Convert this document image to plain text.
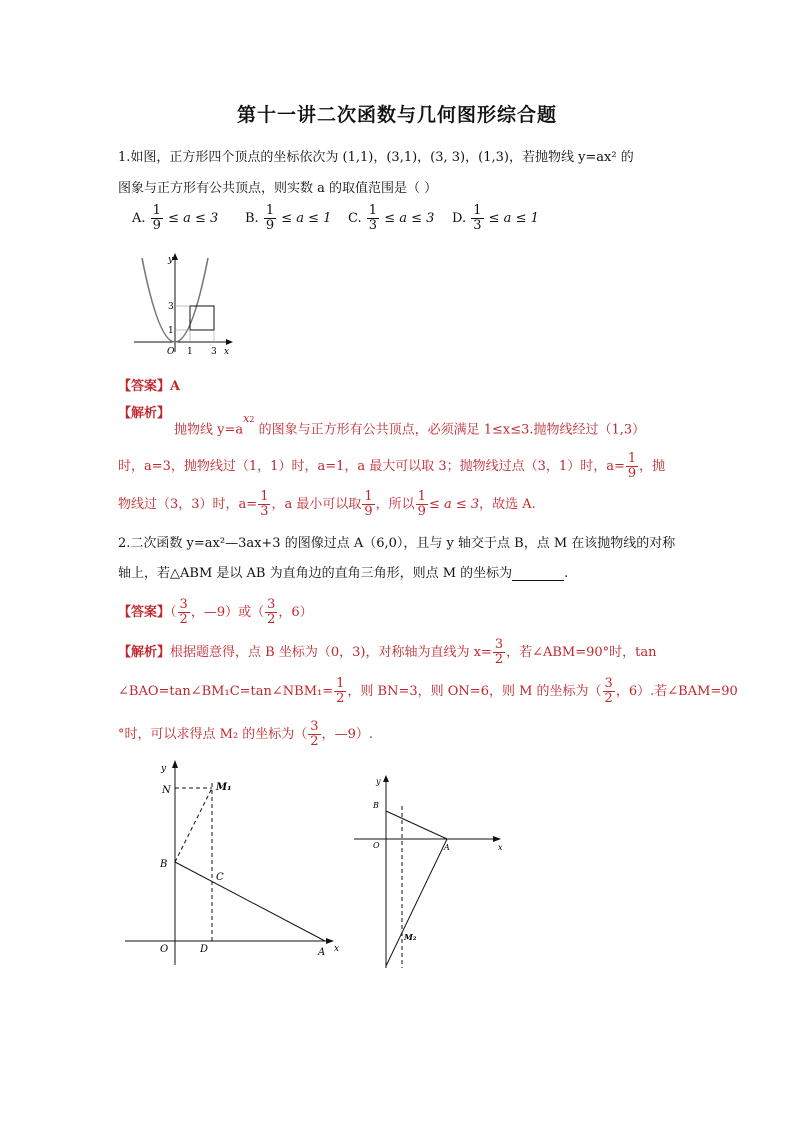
第十一讲二次函数与几何图形综合题
1.如图，正方形四个顶点的坐标依次为 (1,1)，(3,1)，(3, 3)，(1,3)，若抛物线 y=ax² 的
图象与正方形有公共顶点，则实数 a 的取值范围是（ ）
A. $\frac{1}{9} \le a \le 3$ B. $\frac{1}{9} \le a \le 1$ C. $\frac{1}{3} \le a \le 3$ D. $\frac{1}{3} \le a \le 1$
y
x
O 1 3
1
3
【答案】A
【解析】
抛物线 $y=a^{x2}$ 的图象与正方形有公共顶点，必须满足 1≤x≤3.抛物线经过（1,3）
时，a=3，抛物线过（1，1）时，a=1，a 最大可以取 3；抛物线过点（3，1）时，$a= \frac{1}{9}$ ，抛
物线过（3，3）时，$a= \frac{1}{3}$ ，a 最小可以取 $\frac{1}{9}$ ，所以 $\frac{1}{9} \le a \le 3$，故选 A.
2.二次函数 y=ax²—3ax+3 的图像过点 A（6,0），且与 y 轴交于点 B，点 M 在该抛物线的对称
轴上，若△ABM 是以 AB 为直角边的直角三角形，则点 M 的坐标为	.
【答案】（ $\frac{3}{2}$ ，—9）或（ $\frac{3}{2}$ ，6）
【解析】根据题意得，点 B 坐标为（0，3)，对称轴为直线为 $x= \frac{3}{2}$ ，若∠ABM=90°时，tan
∠BAO=tan∠BM₁C=tan∠NBM₁= $\frac{1}{2}$ ，则 BN=3，则 ON=6，则 M 的坐标为（ $\frac{3}{2}$ ，6）.若∠BAM=90
°时，可以求得点 M₂ 的坐标为（ $\frac{3}{2}$ ，—9）.
y
x
N	M₁
B
C
O	D	A
y
x
B
O	A
M₂
